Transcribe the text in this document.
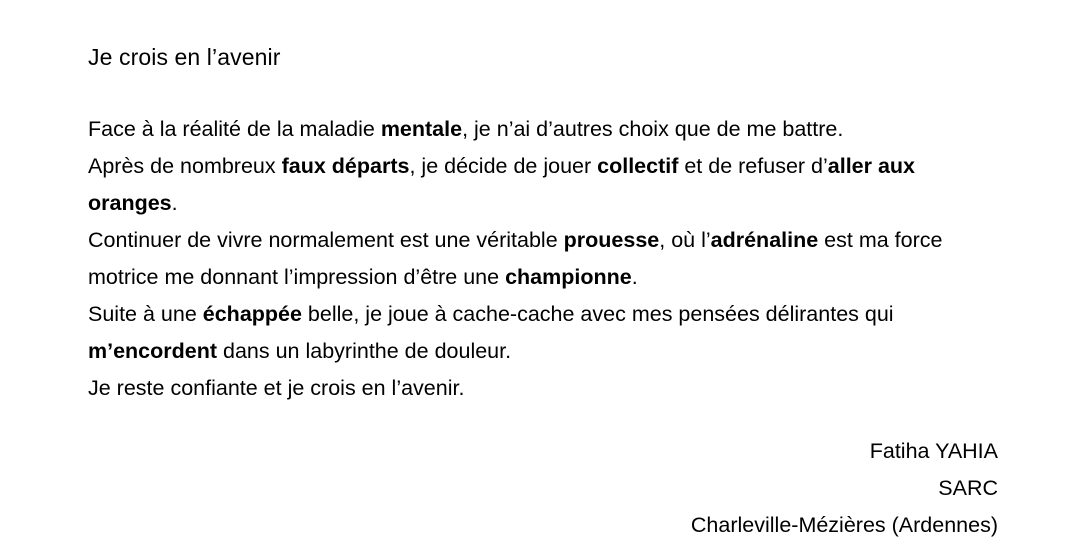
Je crois en l’avenir

Face à la réalité de la maladie mentale, je n’ai d’autres choix que de me battre.

Après de nombreux faux départs, je décide de jouer collectif et de refuser d’aller aux oranges.

Continuer de vivre normalement est une véritable prouesse, où l’adrénaline est ma force motrice me donnant l’impression d’être une championne.

Suite à une échappée belle, je joue à cache-cache avec mes pensées délirantes qui m’encordent dans un labyrinthe de douleur.

Je reste confiante et je crois en l’avenir.

Fatiha YAHIA
SARC
Charleville-Mézières (Ardennes)
